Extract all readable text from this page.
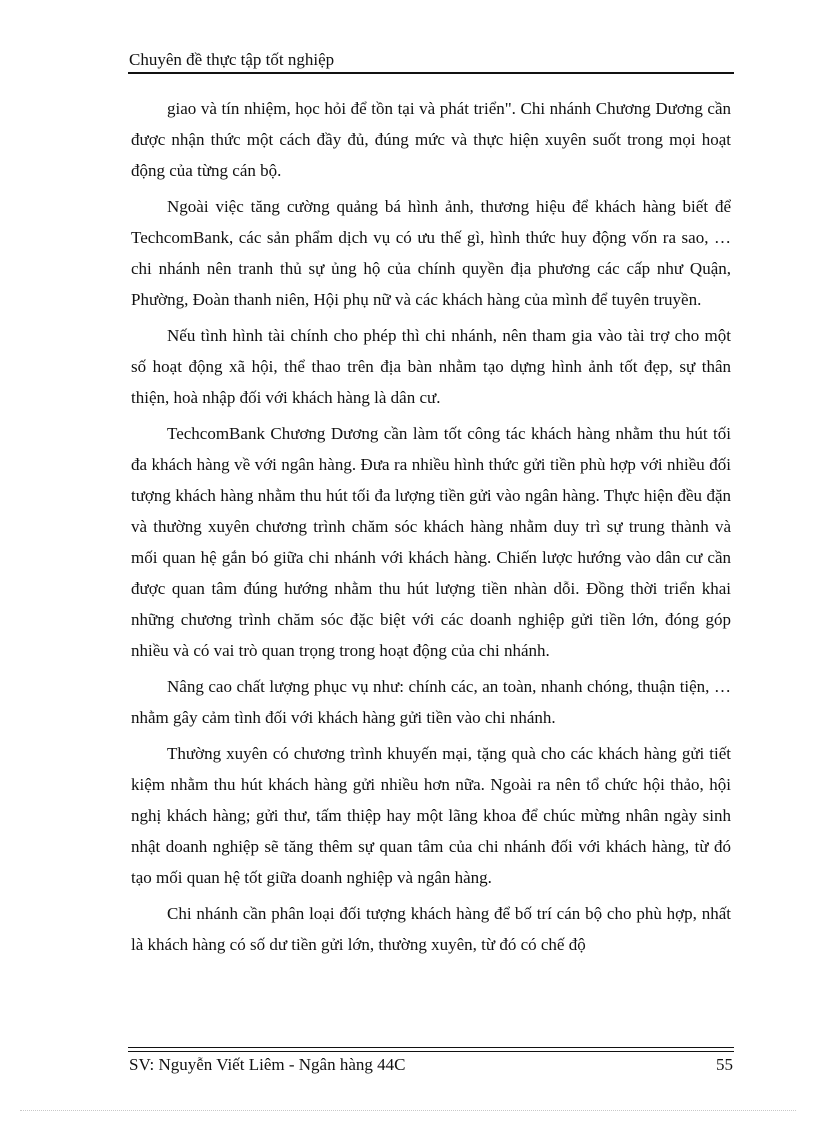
Chuyên đề thực tập tốt nghiệp

giao và tín nhiệm, học hỏi để tồn tại và phát triển". Chi nhánh Chương Dương cần được nhận thức một cách đầy đủ, đúng mức và thực hiện xuyên suốt trong mọi hoạt động của từng cán bộ.

Ngoài việc tăng cường quảng bá hình ảnh, thương hiệu để khách hàng biết để TechcomBank, các sản phẩm dịch vụ có ưu thế gì, hình thức huy động vốn ra sao, … chi nhánh nên tranh thủ sự ủng hộ của chính quyền địa phương các cấp như Quận, Phường, Đoàn thanh niên, Hội phụ nữ và các khách hàng của mình để tuyên truyền.

Nếu tình hình tài chính cho phép thì chi nhánh, nên tham gia vào tài trợ cho một số hoạt động xã hội, thể thao trên địa bàn nhằm tạo dựng hình ảnh tốt đẹp, sự thân thiện, hoà nhập đối với khách hàng là dân cư.

TechcomBank Chương Dương cần làm tốt công tác khách hàng nhằm thu hút tối đa khách hàng về với ngân hàng. Đưa ra nhiều hình thức gửi tiền phù hợp với nhiều đối tượng khách hàng nhằm thu hút tối đa lượng tiền gửi vào ngân hàng. Thực hiện đều đặn và thường xuyên chương trình chăm sóc khách hàng nhằm duy trì sự trung thành và mối quan hệ gắn bó giữa chi nhánh với khách hàng. Chiến lược hướng vào dân cư cần được quan tâm đúng hướng nhằm thu hút lượng tiền nhàn dỗi. Đồng thời triển khai những chương trình chăm sóc đặc biệt với các doanh nghiệp gửi tiền lớn, đóng góp nhiều và có vai trò quan trọng trong hoạt động của chi nhánh.

Nâng cao chất lượng phục vụ như: chính các, an toàn, nhanh chóng, thuận tiện, … nhằm gây cảm tình đối với khách hàng gửi tiền vào chi nhánh.

Thường xuyên có chương trình khuyến mại, tặng quà cho các khách hàng gửi tiết kiệm nhằm thu hút khách hàng gửi nhiều hơn nữa. Ngoài ra nên tổ chức hội thảo, hội nghị khách hàng; gửi thư, tấm thiệp hay một lãng khoa để chúc mừng nhân ngày sinh nhật doanh nghiệp sẽ tăng thêm sự quan tâm của chi nhánh đối với khách hàng, từ đó tạo mối quan hệ tốt giữa doanh nghiệp và ngân hàng.

Chi nhánh cần phân loại đối tượng khách hàng để bố trí cán bộ cho phù hợp, nhất là khách hàng có số dư tiền gửi lớn, thường xuyên, từ đó có chế độ

SV: Nguyễn Viết Liêm - Ngân hàng 44C	55
